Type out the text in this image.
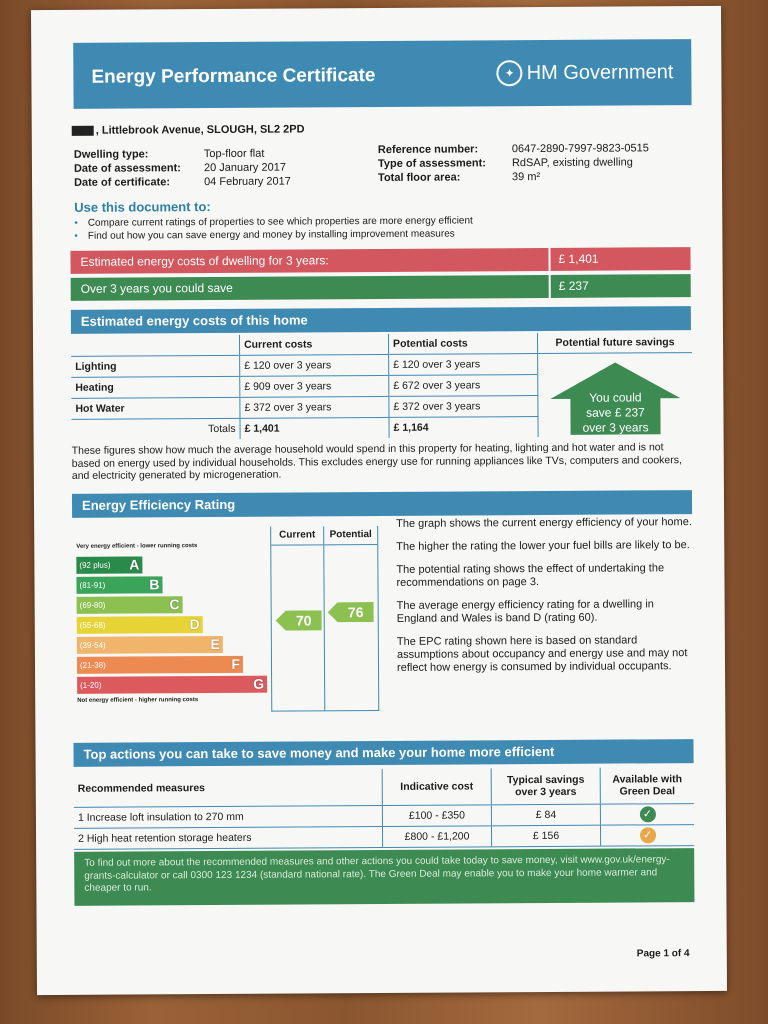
Energy Performance Certificate	✦ HM Government
, Littlebrook Avenue, SLOUGH, SL2 2PD
Dwelling type:	Top-floor flat
Date of assessment:	20 January 2017
Date of certificate:	04 February 2017
Reference number:	0647-2890-7997-9823-0515
Type of assessment:	RdSAP, existing dwelling
Total floor area:	39 m²
Use this document to:
• Compare current ratings of properties to see which properties are more energy efficient
• Find out how you can save energy and money by installing improvement measures
Estimated energy costs of dwelling for 3 years:	£ 1,401
Over 3 years you could save	£ 237
Estimated energy costs of this home
	Current costs	Potential costs
Lighting	£ 120 over 3 years	£ 120 over 3 years
Heating	£ 909 over 3 years	£ 672 over 3 years
Hot Water	£ 372 over 3 years	£ 372 over 3 years
Totals	£ 1,401	£ 1,164
Potential future savings
You could
save £ 237
over 3 years
These figures show how much the average household would spend in this property for heating, lighting and hot water and is not based on energy used by individual households. This excludes energy use for running appliances like TVs, computers and cookers, and electricity generated by microgeneration.
Energy Efficiency Rating
Very energy efficient - lower running costs
(92 plus) A
(81-91)	B
(69-80)	C
(55-68)	D
(39-54)	E
(21-38)	F
(1-20)	G
Not energy efficient - higher running costs
Current	Potential
70
76

The graph shows the current energy efficiency of your home.

The higher the rating the lower your fuel bills are likely to be.

The potential rating shows the effect of undertaking the recommendations on page 3.

The average energy efficiency rating for a dwelling in England and Wales is band D (rating 60).

The EPC rating shown here is based on standard assumptions about occupancy and energy use and may not reflect how energy is consumed by individual occupants.

Top actions you can take to save money and make your home more efficient
Recommended measures	Indicative cost	Typical savings over 3 years	Available with Green Deal
1 Increase loft insulation to 270 mm	£100 - £350	£ 84	✓
2 High heat retention storage heaters	£800 - £1,200	£ 156	✓
To find out more about the recommended measures and other actions you could take today to save money, visit www.gov.uk/energy-grants-calculator or call 0300 123 1234 (standard national rate). The Green Deal may enable you to make your home warmer and cheaper to run.
Page 1 of 4
